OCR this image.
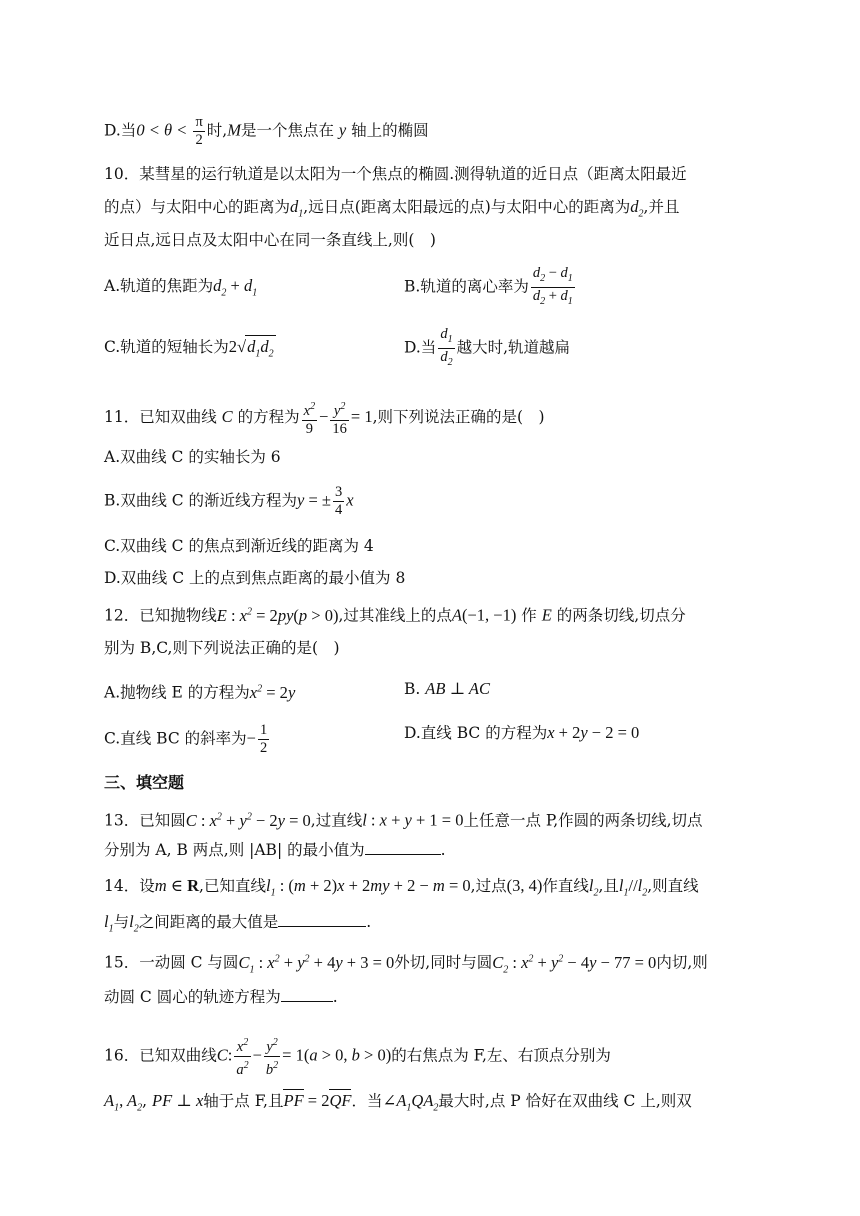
D.当$0 < \theta < \frac{\pi}{2}$ 时,M是一个焦点在 y 轴上的椭圆
10．某彗星的运行轨道是以太阳为一个焦点的椭圆.测得轨道的近日点（距离太阳最近
的点）与太阳中心的距离为$d_1$,远日点(距离太阳最远的点)与太阳中心的距离为$d_2$,并且
近日点,远日点及太阳中心在同一条直线上,则(　)
A.轨道的焦距为$d_2 + d_1$	B.轨道的离心率为 $\frac{d_2 - d_1}{d_2 + d_1}$
C.轨道的短轴长为$2√d_1d_2$	D.当 $\frac{d_1}{d_2}$ 越大时,轨道越扁
11．已知双曲线 C 的方程为 $\frac{x^2}{9} - \frac{y^2}{16} = 1$,则下列说法正确的是(　)
A.双曲线 C 的实轴长为 6
B.双曲线 C 的渐近线方程为y = ± $\frac{3}{4}$ x
C.双曲线 C 的焦点到渐近线的距离为 4
D.双曲线 C 上的点到焦点距离的最小值为 8
12．已知抛物线E : $x^2 = 2py(p > 0)$,过其准线上的点A(−1, −1) 作 E 的两条切线,切点分
别为 B,C,则下列说法正确的是(　)
A.抛物线 E 的方程为$x^2 = 2y$	B. AB ⊥ AC
C.直线 BC 的斜率为− $\frac{1}{2}$	D.直线 BC 的方程为x + 2y − 2 = 0
三、填空题
13．已知圆C : $x^2 + y^2 - 2y = 0$,过直线l : x + y + 1 = 0上任意一点 P,作圆的两条切线,切点
分别为 A, B 两点,则 |AB| 的最小值为	.
14．设m ∈ R,已知直线$l_1$ : (m + 2)x + 2my + 2 − m = 0,过点(3, 4)作直线$l_2$,且$l_1//l_2$,则直线
$l_1$与$l_2$之间距离的最大值是	.
15．一动圆 C 与圆$C_1$ : $x^2 + y^2 + 4y + 3 = 0$外切,同时与圆$C_2$ : $x^2 + y^2 - 4y - 77 = 0$内切,则
动圆 C 圆心的轨迹方程为	.
16．已知双曲线C: $\frac{x^2}{a^2} - \frac{y^2}{b^2} = 1(a > 0$, b > 0)的右焦点为 F,左、右顶点分别为
$A_1$, $A_2$, PF ⊥ x轴于点 F,且PF = 2QF．当$\angle A_1QA_2$最大时,点 P 恰好在双曲线 C 上,则双
